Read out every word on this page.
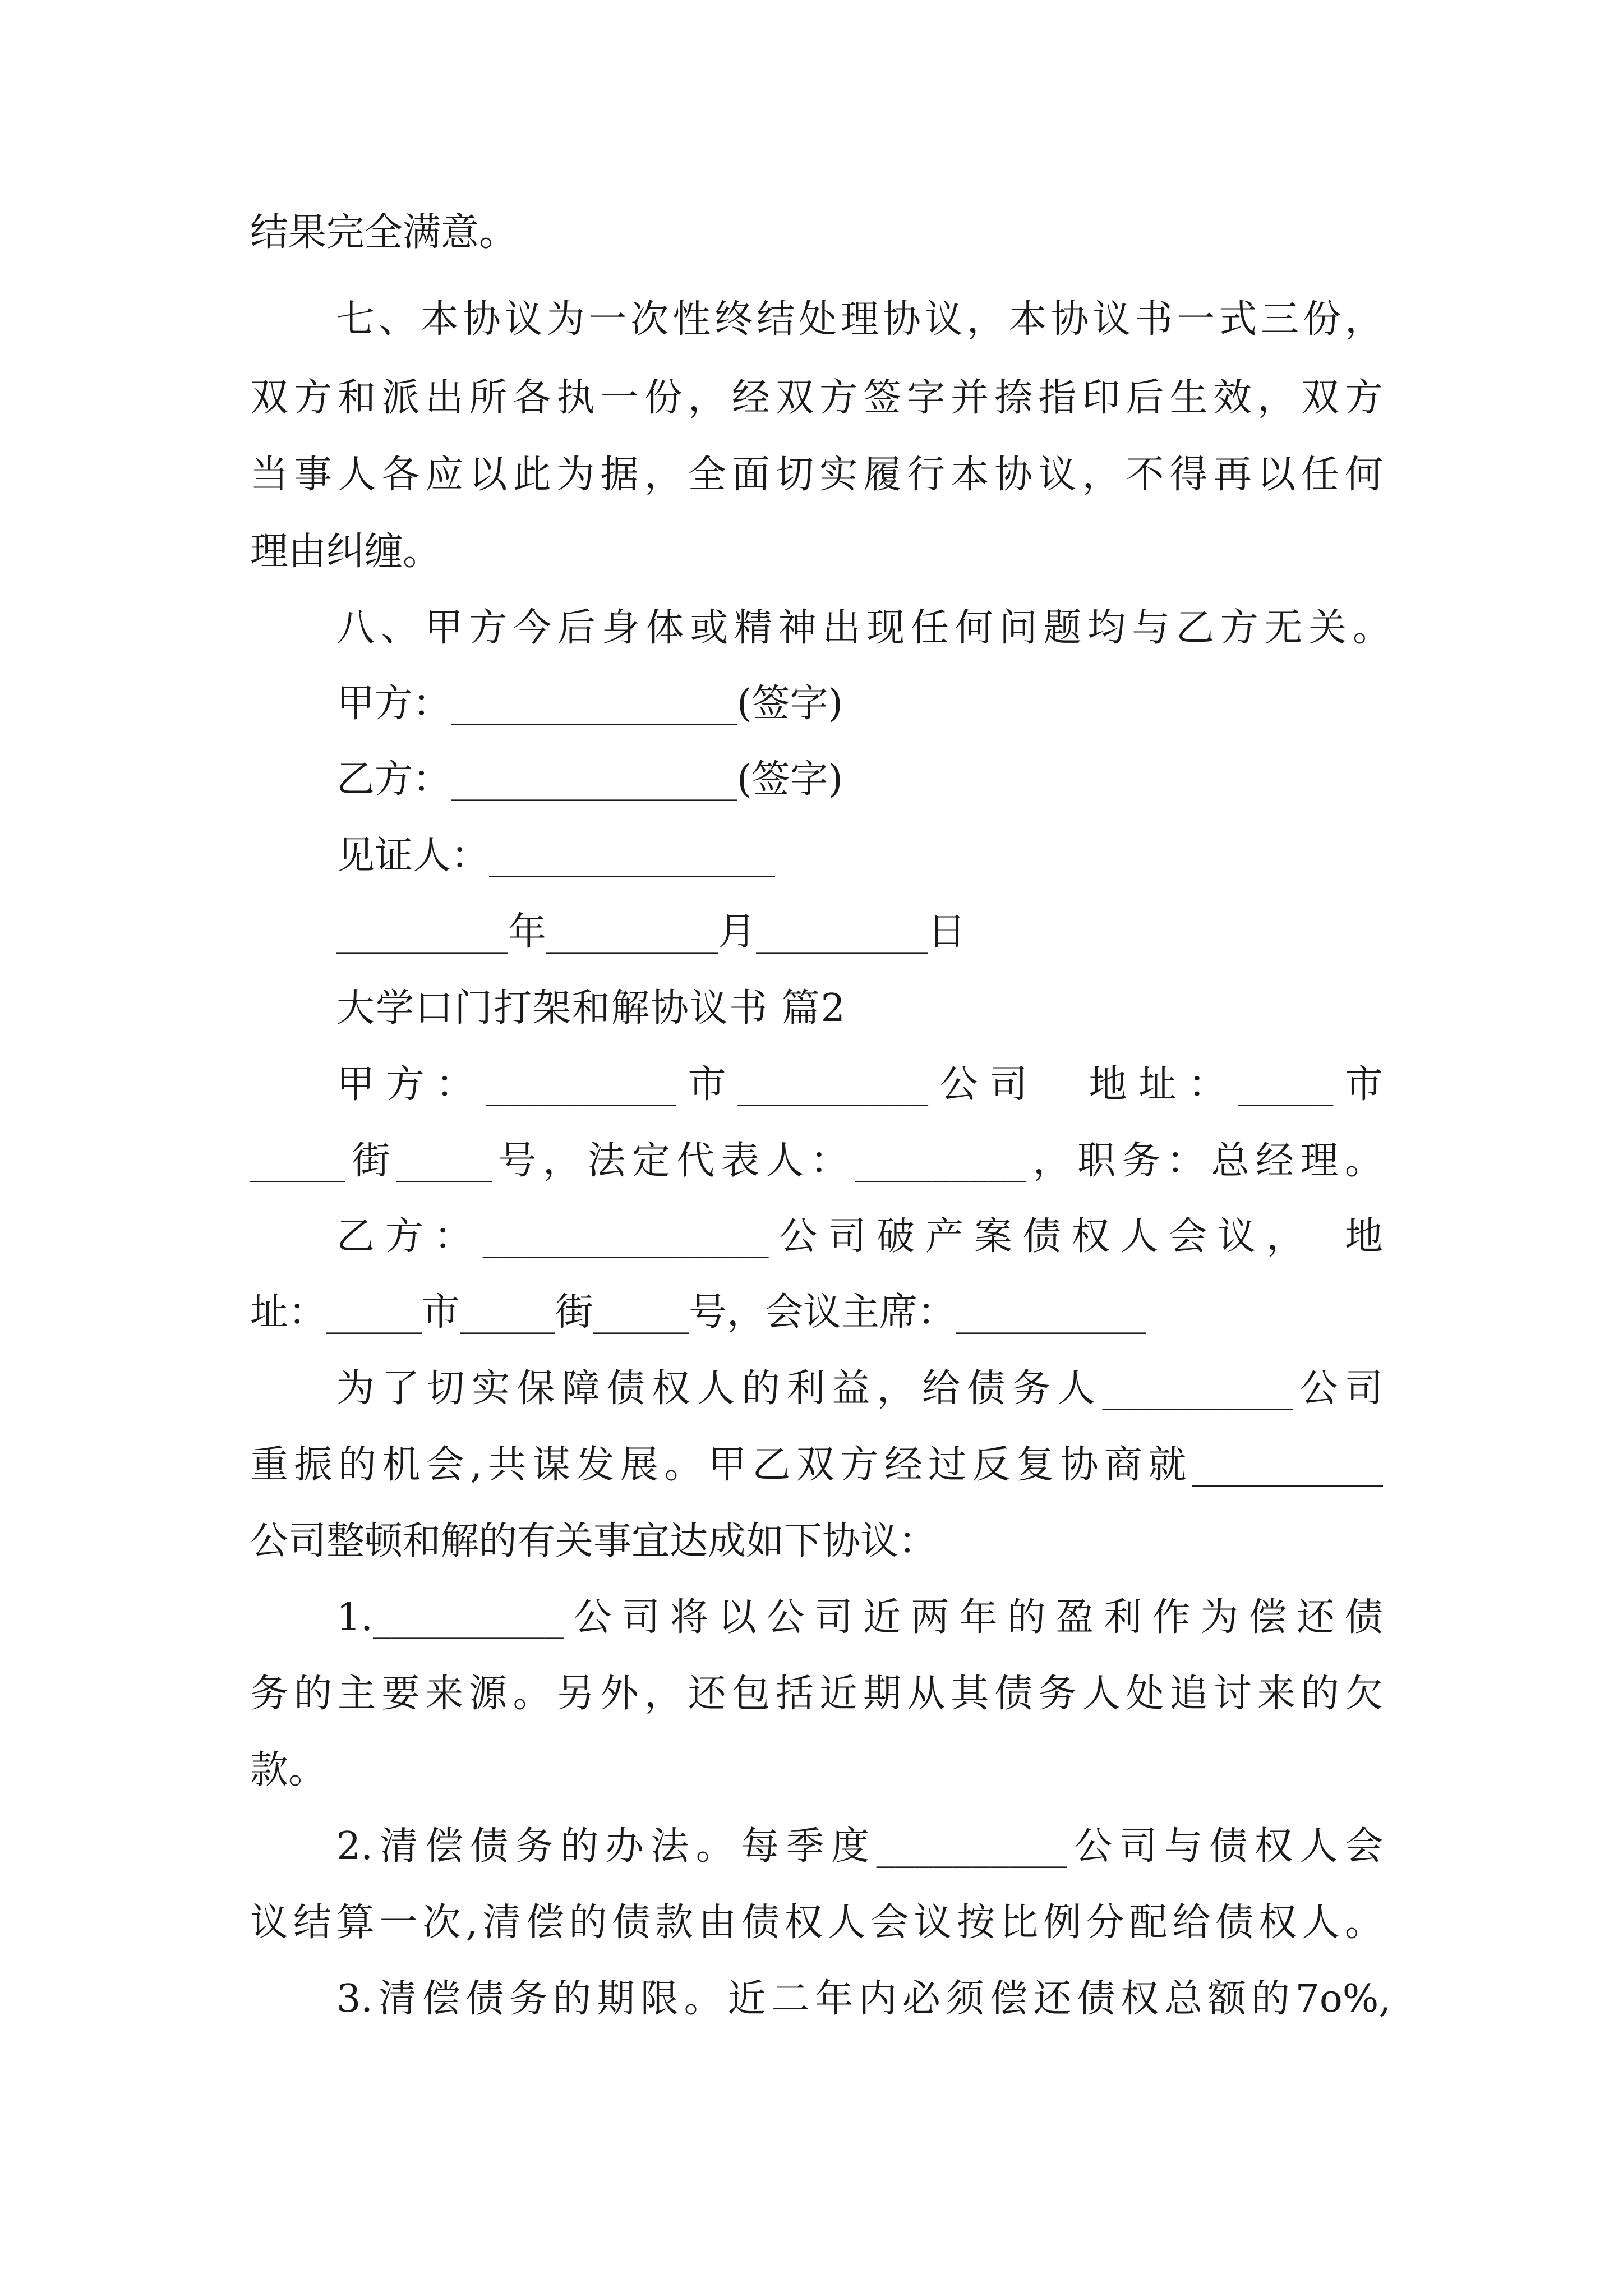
结果完全满意。
七、本协议为一次性终结处理协议，本协议书一式三份，
双方和派出所各执一份，经双方签字并捺指印后生效，双方
当事人各应以此为据，全面切实履行本协议，不得再以任何
理由纠缠。
八、甲方今后身体或精神出现任何问题均与乙方无关。
甲方：_______________(签字)
乙方：_______________(签字)
见证人：_______________
_________年_________月_________日
大学口门打架和解协议书 篇2
甲方：__________市__________公司　地址：_____市
_____街_____号，法定代表人：_________，职务：总经理。
乙方：_______________公司破产案债权人会议，　地
址：_____市_____街_____号，会议主席：__________
为了切实保障债权人的利益，给债务人__________公司
重振的机会,共谋发展。甲乙双方经过反复协商就__________
公司整顿和解的有关事宜达成如下协议：
1.__________公司将以公司近两年的盈利作为偿还债
务的主要来源。另外，还包括近期从其债务人处追讨来的欠
款。
2.清偿债务的办法。每季度__________公司与债权人会
议结算一次,清偿的债款由债权人会议按比例分配给债权人。
3.清偿债务的期限。近二年内必须偿还债权总额的7o%,
